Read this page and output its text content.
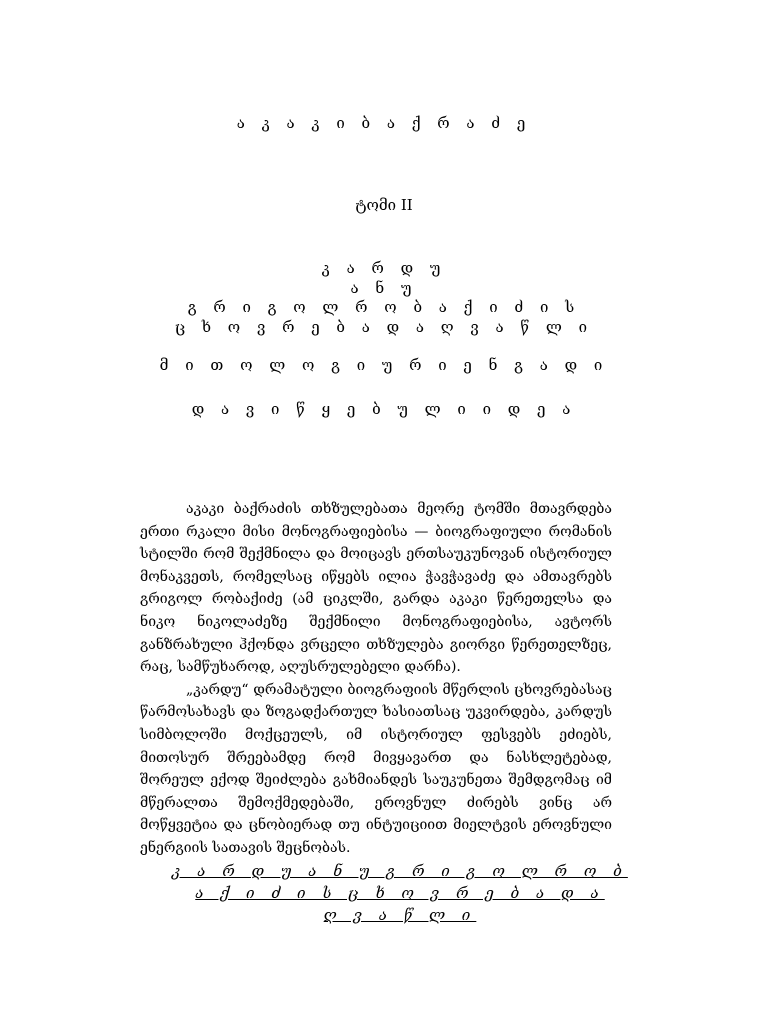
ა კ ა კ ი ბ ა ქ რ ა ძ ე
ტომი II
კ ა რ დ უ
ა ნ უ
გ რ ი გ ო ლ რ ო ბ ა ქ ი ძ ი ს
ც ხ ო ვ რ ე ბ ა დ ა ღ ვ ა წ ლ ი
მ ი თ ო ლ ო გ ი უ რ ი ე ნ გ ა დ ი
დ ა ვ ი წ ყ ე ბ უ ლ ი ი დ ე ა

აკაკი ბაქრაძის თხზულებათა მეორე ტომში მთავრდება ერთი რკალი მისი მონოგრაფიებისა — ბიოგრაფიული რომანის სტილში რომ შექმნილა და მოიცავს ერთსაუკუნოვან ისტორიულ მონაკვეთს, რომელსაც იწყებს ილია ჭავჭავაძე და ამთავრებს გრიგოლ რობაქიძე (ამ ციკლში, გარდა აკაკი წერეთელსა და ნიკო ნიკოლაძეზე შექმნილი მონოგრაფიებისა, ავტორს განზრახული ჰქონდა ვრცელი თხზულება გიორგი წერეთელზეც, რაც, სამწუხაროდ, აღუსრულებელი დარჩა).

„კარდუ“ დრამატული ბიოგრაფიის მწერლის ცხოვრებასაც წარმოსახავს და ზოგადქართულ ხასიათსაც უკვირდება, კარდუს სიმბოლოში მოქცეულს, იმ ისტორიულ ფესვებს ეძიებს, მითოსურ შრეებამდე რომ მივყავართ და ნასხლეტებად, შორეულ ექოდ შეიძლება გახმიანდეს საუკუნეთა შემდგომაც იმ მწერალთა შემოქმედებაში, ეროვნულ ძირებს ვინც არ მოწყვეტია და ცნობიერად თუ ინტუიციით მიელტვის ეროვნული ენერგიის სათავის შეცნობას.

კ ა რ დ უ ა ნ უ გ რ ი გ ო ლ რ ო ბ ა ქ ი ძ ი ს ც ხ ო ვ რ ე ბ ა დ ა
ღ ვ ა წ ლ ი
